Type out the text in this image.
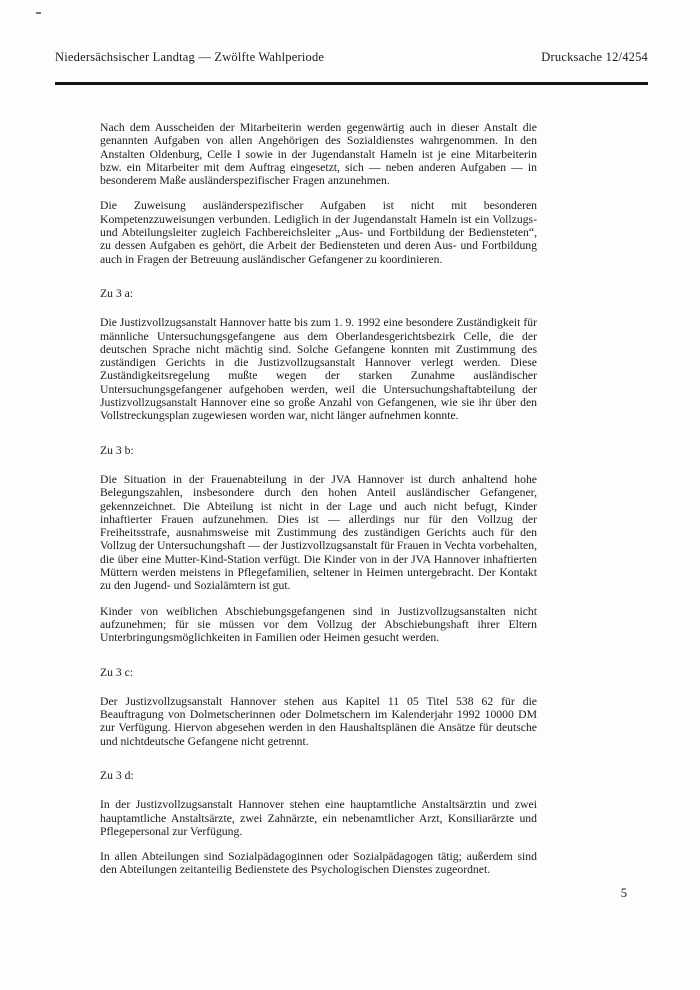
Niedersächsischer Landtag — Zwölfte Wahlperiode	Drucksache 12/4254

Nach dem Ausscheiden der Mitarbeiterin werden gegenwärtig auch in dieser Anstalt die genannten Aufgaben von allen Angehörigen des Sozialdienstes wahrgenommen. In den Anstalten Oldenburg, Celle I sowie in der Jugendanstalt Hameln ist je eine Mitarbeiterin bzw. ein Mitarbeiter mit dem Auftrag eingesetzt, sich — neben anderen Aufgaben — in besonderem Maße ausländerspezifischer Fragen anzunehmen.

Die Zuweisung ausländerspezifischer Aufgaben ist nicht mit besonderen Kompetenzzuweisungen verbunden. Lediglich in der Jugendanstalt Hameln ist ein Vollzugs- und Abteilungsleiter zugleich Fachbereichsleiter „Aus- und Fortbildung der Bediensteten“, zu dessen Aufgaben es gehört, die Arbeit der Bediensteten und deren Aus- und Fortbildung auch in Fragen der Betreuung ausländischer Gefangener zu koordinieren.

Zu 3 a:

Die Justizvollzugsanstalt Hannover hatte bis zum 1. 9. 1992 eine besondere Zuständigkeit für männliche Untersuchungsgefangene aus dem Oberlandesgerichtsbezirk Celle, die der deutschen Sprache nicht mächtig sind. Solche Gefangene konnten mit Zustimmung des zuständigen Gerichts in die Justizvollzugsanstalt Hannover verlegt werden. Diese Zuständigkeitsregelung mußte wegen der starken Zunahme ausländischer Untersuchungsgefangener aufgehoben werden, weil die Untersuchungshaftabteilung der Justizvollzugsanstalt Hannover eine so große Anzahl von Gefangenen, wie sie ihr über den Vollstreckungsplan zugewiesen worden war, nicht länger aufnehmen konnte.

Zu 3 b:

Die Situation in der Frauenabteilung in der JVA Hannover ist durch anhaltend hohe Belegungszahlen, insbesondere durch den hohen Anteil ausländischer Gefangener, gekennzeichnet. Die Abteilung ist nicht in der Lage und auch nicht befugt, Kinder inhaftierter Frauen aufzunehmen. Dies ist — allerdings nur für den Vollzug der Freiheitsstrafe, ausnahmsweise mit Zustimmung des zuständigen Gerichts auch für den Vollzug der Untersuchungshaft — der Justizvollzugsanstalt für Frauen in Vechta vorbehalten, die über eine Mutter-Kind-Station verfügt. Die Kinder von in der JVA Hannover inhaftierten Müttern werden meistens in Pflegefamilien, seltener in Heimen untergebracht. Der Kontakt zu den Jugend- und Sozialämtern ist gut.

Kinder von weiblichen Abschiebungsgefangenen sind in Justizvollzugsanstalten nicht aufzunehmen; für sie müssen vor dem Vollzug der Abschiebungshaft ihrer Eltern Unterbringungsmöglichkeiten in Familien oder Heimen gesucht werden.

Zu 3 c:

Der Justizvollzugsanstalt Hannover stehen aus Kapitel 11 05 Titel 538 62 für die Beauftragung von Dolmetscherinnen oder Dolmetschern im Kalenderjahr 1992 10000 DM zur Verfügung. Hiervon abgesehen werden in den Haushaltsplänen die Ansätze für deutsche und nichtdeutsche Gefangene nicht getrennt.

Zu 3 d:

In der Justizvollzugsanstalt Hannover stehen eine hauptamtliche Anstaltsärztin und zwei hauptamtliche Anstaltsärzte, zwei Zahnärzte, ein nebenamtlicher Arzt, Konsiliarärzte und Pflegepersonal zur Verfügung.

In allen Abteilungen sind Sozialpädagoginnen oder Sozialpädagogen tätig; außerdem sind den Abteilungen zeitanteilig Bedienstete des Psychologischen Dienstes zugeordnet.

5
